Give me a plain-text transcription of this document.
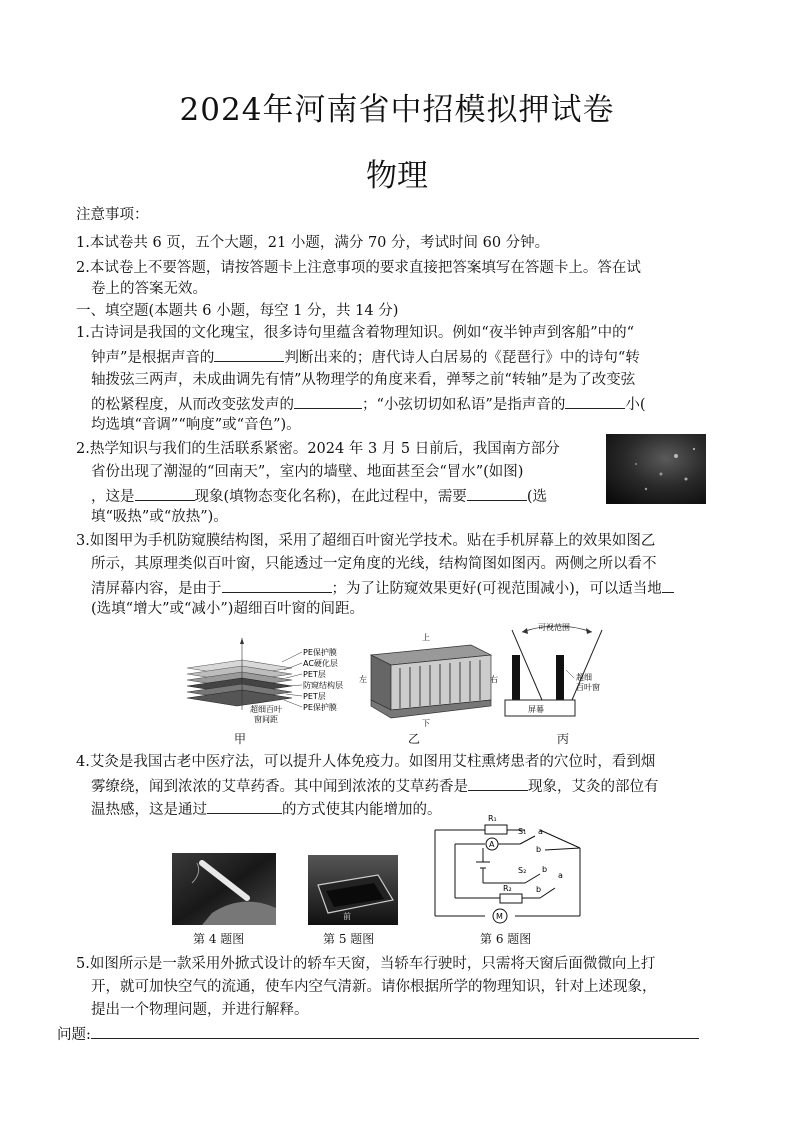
2024年河南省中招模拟押试卷
物理
注意事项：
1.本试卷共 6 页，五个大题，21 小题，满分 70 分，考试时间 60 分钟。
2.本试卷上不要答题，请按答题卡上注意事项的要求直接把答案填写在答题卡上。答在试
卷上的答案无效。
一、填空题(本题共 6 小题，每空 1 分，共 14 分)
1.古诗词是我国的文化瑰宝，很多诗句里蕴含着物理知识。例如“夜半钟声到客船”中的“
钟声”是根据声音的	判断出来的；唐代诗人白居易的《琵琶行》中的诗句“转
轴拨弦三两声，未成曲调先有情”从物理学的角度来看，弹琴之前“转轴”是为了改变弦
的松紧程度，从而改变弦发声的	；“小弦切切如私语”是指声音的	小(
均选填“音调”“响度”或“音色”)。
2.热学知识与我们的生活联系紧密。2024 年 3 月 5 日前后，我国南方部分
省份出现了潮湿的“回南天”，室内的墙壁、地面甚至会“冒水”(如图)
，这是	现象(填物态变化名称)，在此过程中，需要	(选
填“吸热”或“放热”)。
3.如图甲为手机防窥膜结构图，采用了超细百叶窗光学技术。贴在手机屏幕上的效果如图乙
所示，其原理类似百叶窗，只能透过一定角度的光线，结构简图如图丙。两侧之所以看不
清屏幕内容，是由于	；为了让防窥效果更好(可视范围减小)，可以适当地
(选填“增大”或“减小”)超细百叶窗的间距。
PE保护膜
AC硬化层
PET层
防窥结构层
PET层
PE保护膜
超细百叶
窗间距
上
下
左	右
可视范围
屏幕
超细
百叶窗
甲	乙	丙
4.艾灸是我国古老中医疗法，可以提升人体免疫力。如图用艾柱熏烤患者的穴位时，看到烟
雾缭绕，闻到浓浓的艾草药香。其中闻到浓浓的艾草药香是	现象，艾灸的部位有
温热感，这是通过	的方式使其内能增加的。
前
R₁
R₂
A
M
S₁
S₂
a
b
b
a
b
第 4 题图	第 5 题图	第 6 题图
5.如图所示是一款采用外掀式设计的轿车天窗，当轿车行驶时，只需将天窗后面微微向上打
开，就可加快空气的流通，使车内空气清新。请你根据所学的物理知识，针对上述现象，
提出一个物理问题，并进行解释。
问题:
